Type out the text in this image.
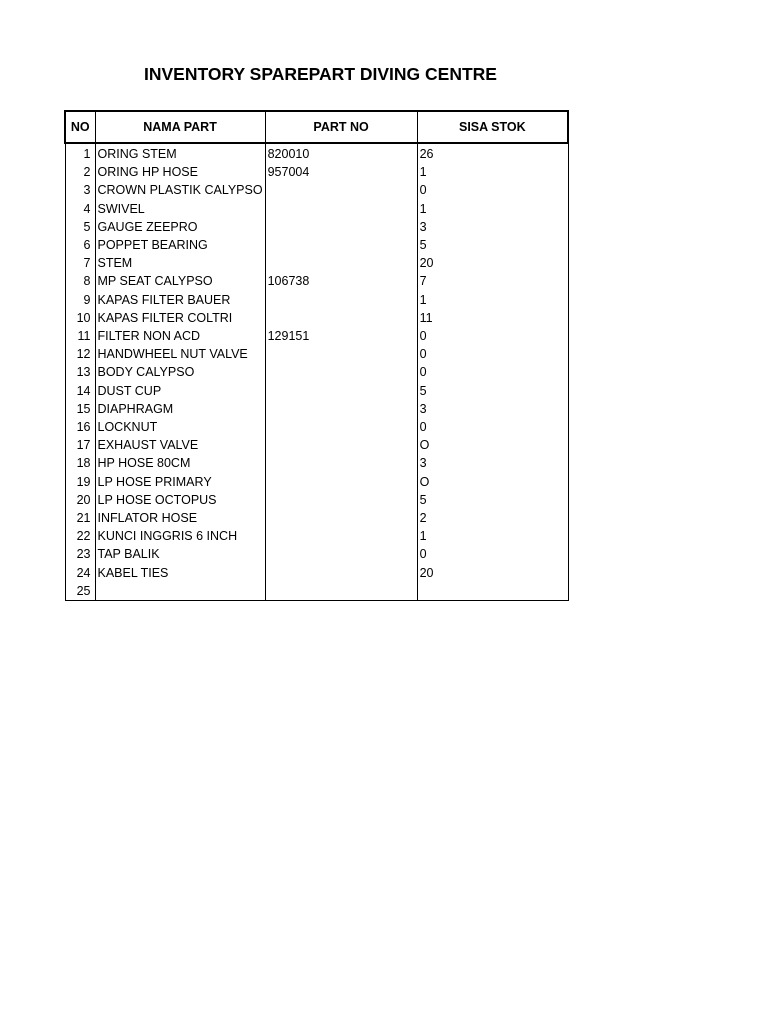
INVENTORY SPAREPART DIVING CENTRE
NO	NAMA PART	PART NO	SISA STOK
1	ORING STEM	820010	26
2	ORING HP HOSE	957004	1
3	CROWN PLASTIK CALYPSO		0
4	SWIVEL		1
5	GAUGE ZEEPRO		3
6	POPPET BEARING		5
7	STEM		20
8	MP SEAT CALYPSO	106738	7
9	KAPAS FILTER BAUER		1
10	KAPAS FILTER COLTRI		11
11	FILTER NON ACD	129151	0
12	HANDWHEEL NUT VALVE		0
13	BODY CALYPSO		0
14	DUST CUP		5
15	DIAPHRAGM		3
16	LOCKNUT		0
17	EXHAUST VALVE		O
18	HP HOSE 80CM		3
19	LP HOSE PRIMARY		O
20	LP HOSE OCTOPUS		5
21	INFLATOR HOSE		2
22	KUNCI INGGRIS 6 INCH		1
23	TAP BALIK		0
24	KABEL TIES		20
25			
